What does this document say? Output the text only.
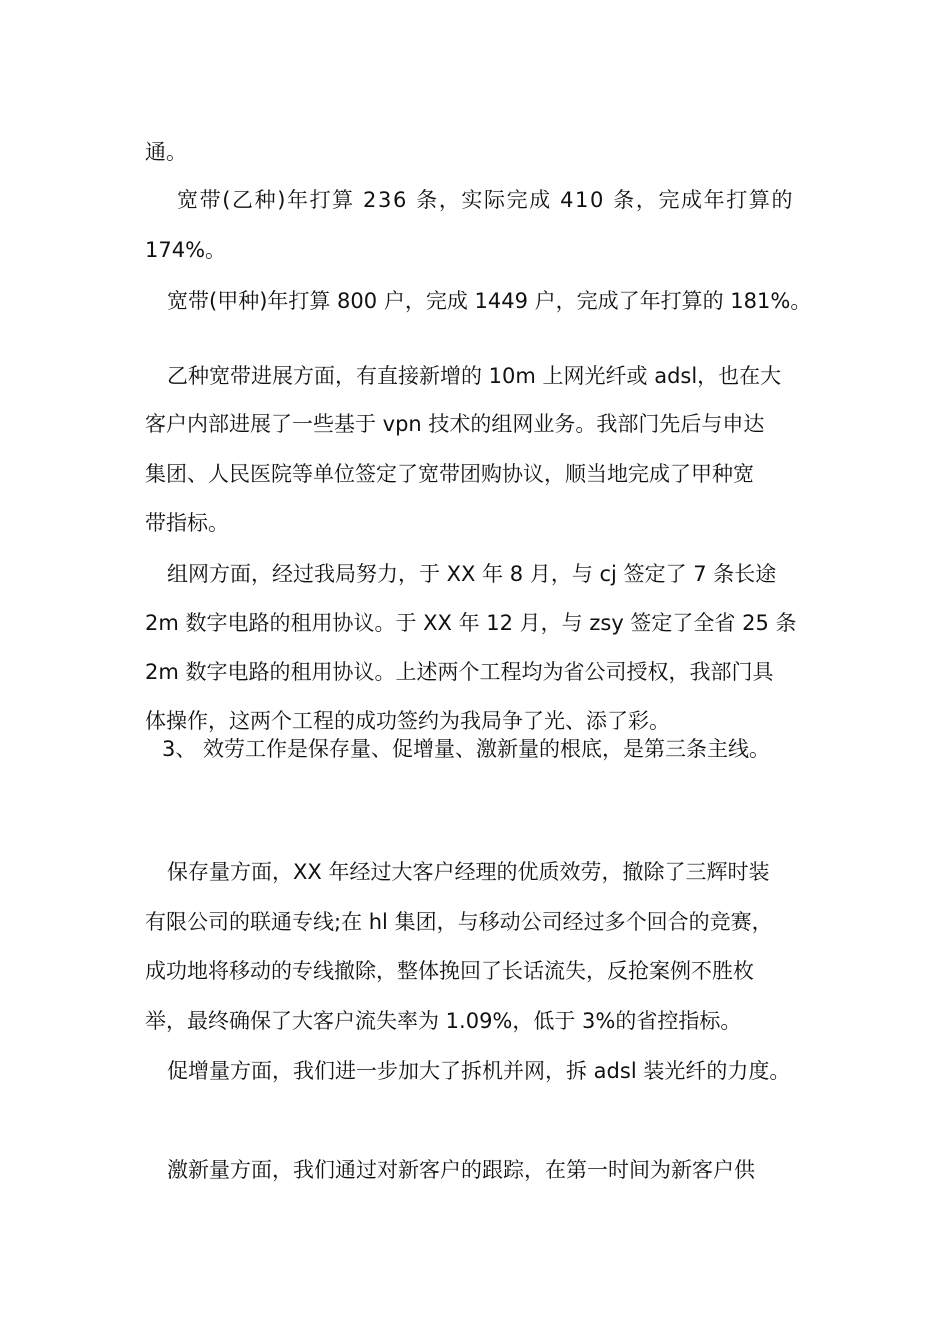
通。
宽带(乙种)年打算 236 条，实际完成 410 条，完成年打算的
174%。
宽带(甲种)年打算 800 户，完成 1449 户，完成了年打算的 181%。
乙种宽带进展方面，有直接新增的 10m 上网光纤或 adsl，也在大
客户内部进展了一些基于 vpn 技术的组网业务。我部门先后与申达
集团、人民医院等单位签定了宽带团购协议，顺当地完成了甲种宽
带指标。
组网方面，经过我局努力，于 XX 年 8 月，与 cj 签定了 7 条长途
2m 数字电路的租用协议。于 XX 年 12 月，与 zsy 签定了全省 25 条
2m 数字电路的租用协议。上述两个工程均为省公司授权，我部门具
体操作，这两个工程的成功签约为我局争了光、添了彩。
3、 效劳工作是保存量、促增量、激新量的根底，是第三条主线。
保存量方面，XX 年经过大客户经理的优质效劳，撤除了三辉时装
有限公司的联通专线;在 hl 集团，与移动公司经过多个回合的竞赛，
成功地将移动的专线撤除，整体挽回了长话流失，反抢案例不胜枚
举，最终确保了大客户流失率为 1.09%，低于 3%的省控指标。
促增量方面，我们进一步加大了拆机并网，拆 adsl 装光纤的力度。
激新量方面，我们通过对新客户的跟踪，在第一时间为新客户供
